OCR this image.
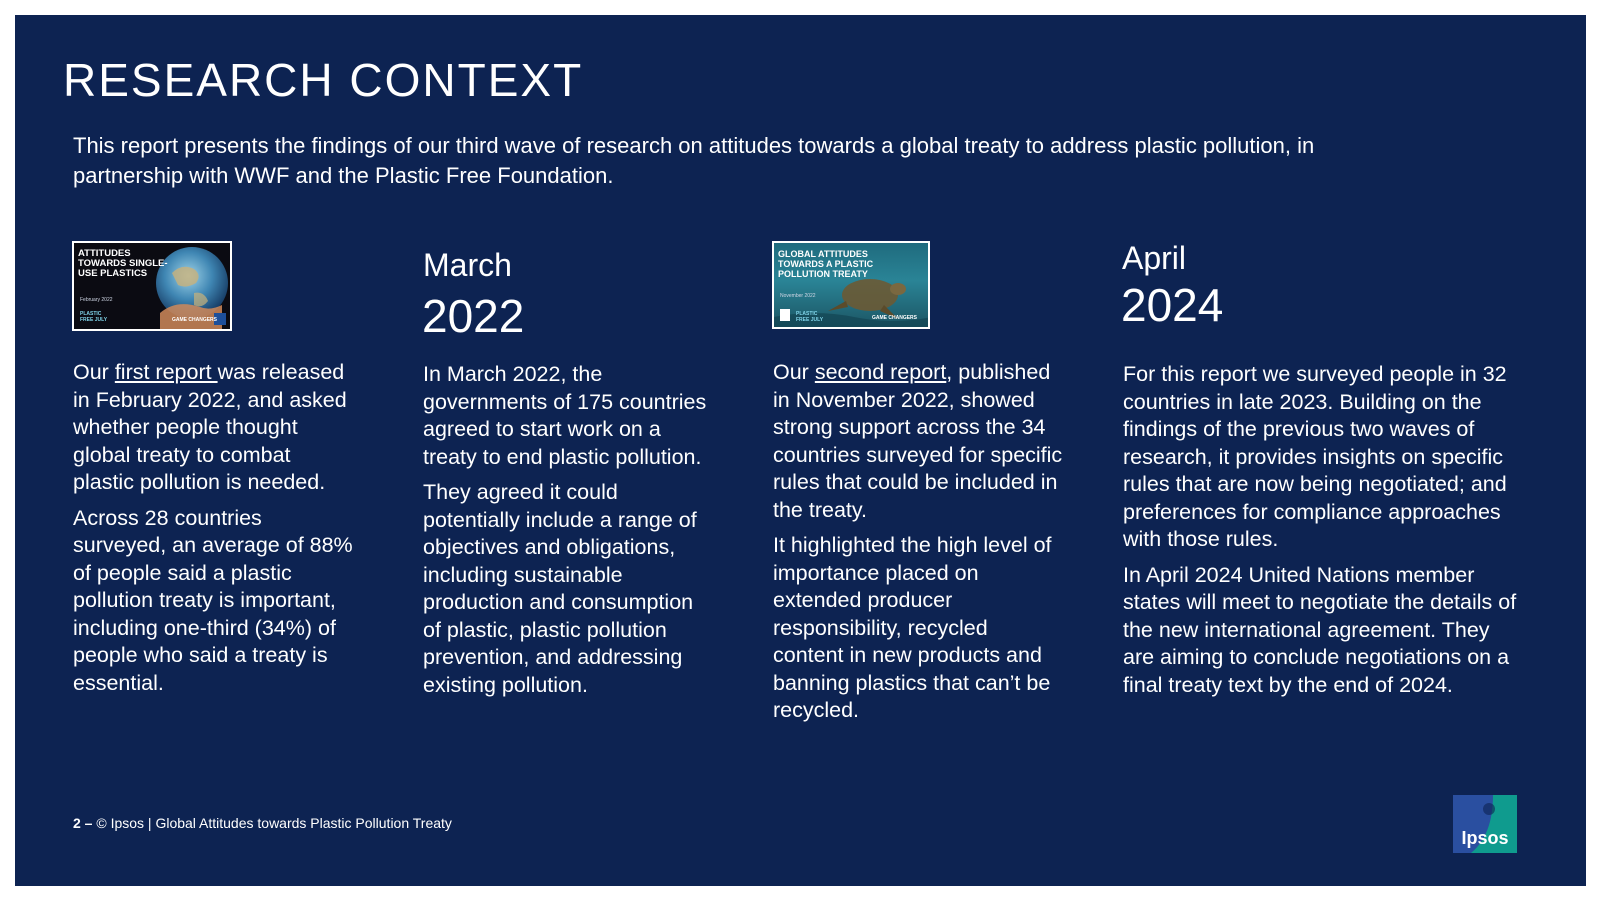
RESEARCH CONTEXT

This report presents the findings of our third wave of research on attitudes towards a global treaty to address plastic pollution, in partnership with WWF and the Plastic Free Foundation.

ATTITUDES TOWARDS SINGLE-USE PLASTICS
February 2022
PLASTIC FREE JULY	GAME CHANGERS
GLOBAL ATTITUDES TOWARDS A PLASTIC POLLUTION TREATY
November 2022
PLASTIC FREE JULY	GAME CHANGERS
March
2022
April
2024

Our first report was released in February 2022, and asked whether people thought global treaty to combat plastic pollution is needed.

Across 28 countries surveyed, an average of 88% of people said a plastic pollution treaty is important, including one-third (34%) of people who said a treaty is essential.

In March 2022, the governments of 175 countries agreed to start work on a treaty to end plastic pollution.

They agreed it could potentially include a range of objectives and obligations, including sustainable production and consumption of plastic, plastic pollution prevention, and addressing existing pollution.

Our second report, published in November 2022, showed strong support across the 34 countries surveyed for specific rules that could be included in the treaty.

It highlighted the high level of importance placed on extended producer responsibility, recycled content in new products and banning plastics that can’t be recycled.

For this report we surveyed people in 32 countries in late 2023. Building on the findings of the previous two waves of research, it provides insights on specific rules that are now being negotiated; and preferences for compliance approaches with those rules.

In April 2024 United Nations member states will meet to negotiate the details of the new international agreement. They are aiming to conclude negotiations on a final treaty text by the end of 2024.

2 – © Ipsos | Global Attitudes towards Plastic Pollution Treaty
Ipsos
